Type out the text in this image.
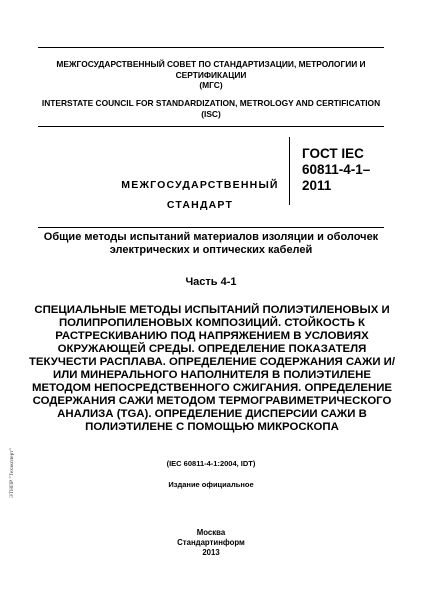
МЕЖГОСУДАРСТВЕННЫЙ СОВЕТ ПО СТАНДАРТИЗАЦИИ, МЕТРОЛОГИИ И СЕРТИФИКАЦИИ
(МГС)
INTERSTATE COUNCIL FOR STANDARDIZATION, METROLOGY AND CERTIFICATION
(ISC)
МЕЖГОСУДАРСТВЕННЫЙ
СТАНДАРТ
ГОСТ IEC
60811-4-1–
2011
Общие методы испытаний материалов изоляции и оболочек электрических и оптических кабелей
Часть 4-1
СПЕЦИАЛЬНЫЕ МЕТОДЫ ИСПЫТАНИЙ ПОЛИЭТИЛЕНОВЫХ И ПОЛИПРОПИЛЕНОВЫХ КОМПОЗИЦИЙ. СТОЙКОСТЬ К РАСТРЕСКИВАНИЮ ПОД НАПРЯЖЕНИЕМ В УСЛОВИЯХ ОКРУЖАЮЩЕЙ СРЕДЫ. ОПРЕДЕЛЕНИЕ ПОКАЗАТЕЛЯ ТЕКУЧЕСТИ РАСПЛАВА. ОПРЕДЕЛЕНИЕ СОДЕРЖАНИЯ САЖИ И/ИЛИ МИНЕРАЛЬНОГО НАПОЛНИТЕЛЯ В ПОЛИЭТИЛЕНЕ МЕТОДОМ НЕПОСРЕДСТВЕННОГО СЖИГАНИЯ. ОПРЕДЕЛЕНИЕ СОДЕРЖАНИЯ САЖИ МЕТОДОМ ТЕРМОГРАВИМЕТРИЧЕСКОГО АНАЛИЗА (TGA). ОПРЕДЕЛЕНИЕ ДИСПЕРСИИ САЖИ В ПОЛИЭТИЛЕНЕ С ПОМОЩЬЮ МИКРОСКОПА
(IEC 60811-4-1:2004, IDT)
Издание официальное
Москва
Стандартинформ
2013
ЭТНПР "Техэксперт"
